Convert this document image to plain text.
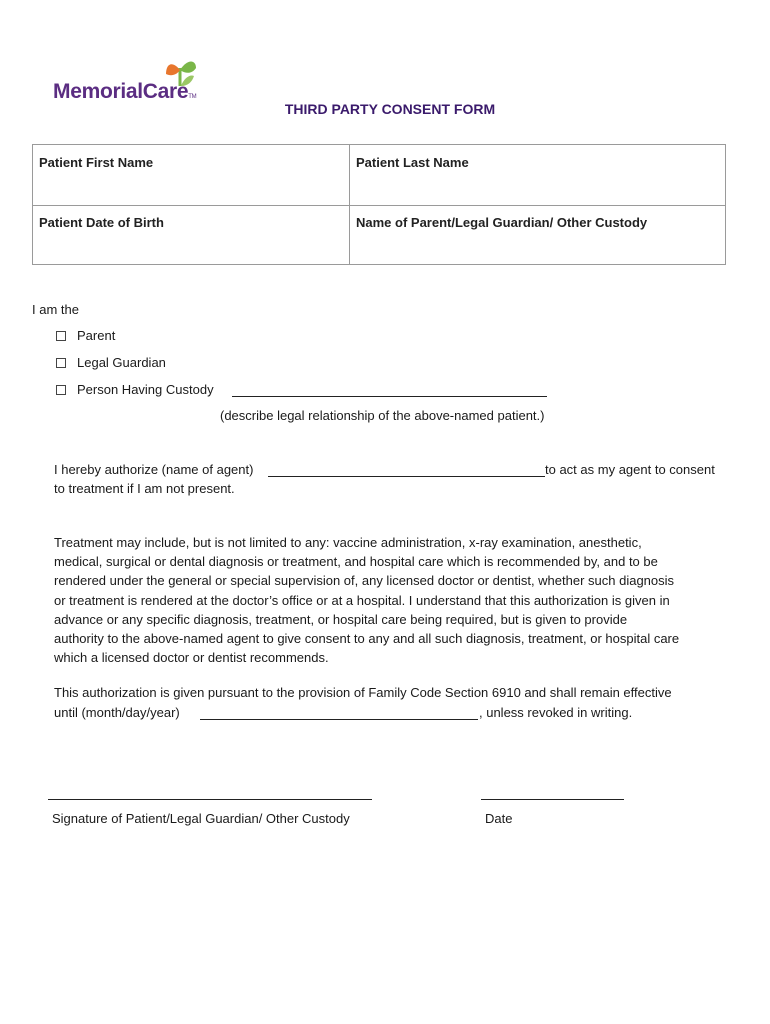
MemorialCareTM
THIRD PARTY CONSENT FORM
Patient First Name	Patient Last Name
Patient Date of Birth	Name of Parent/Legal Guardian/ Other Custody
I am the
Parent
Legal Guardian
Person Having Custody
(describe legal relationship of the above-named patient.)
I hereby authorize (name of agent)	to act as my agent to consent
to treatment if I am not present.
Treatment may include, but is not limited to any: vaccine administration, x-ray examination, anesthetic,
medical, surgical or dental diagnosis or treatment, and hospital care which is recommended by, and to be
rendered under the general or special supervision of, any licensed doctor or dentist, whether such diagnosis
or treatment is rendered at the doctor’s office or at a hospital. I understand that this authorization is given in
advance or any specific diagnosis, treatment, or hospital care being required, but is given to provide
authority to the above-named agent to give consent to any and all such diagnosis, treatment, or hospital care
which a licensed doctor or dentist recommends.
This authorization is given pursuant to the provision of Family Code Section 6910 and shall remain effective
until (month/day/year)	, unless revoked in writing.
Signature of Patient/Legal Guardian/ Other Custody	Date
